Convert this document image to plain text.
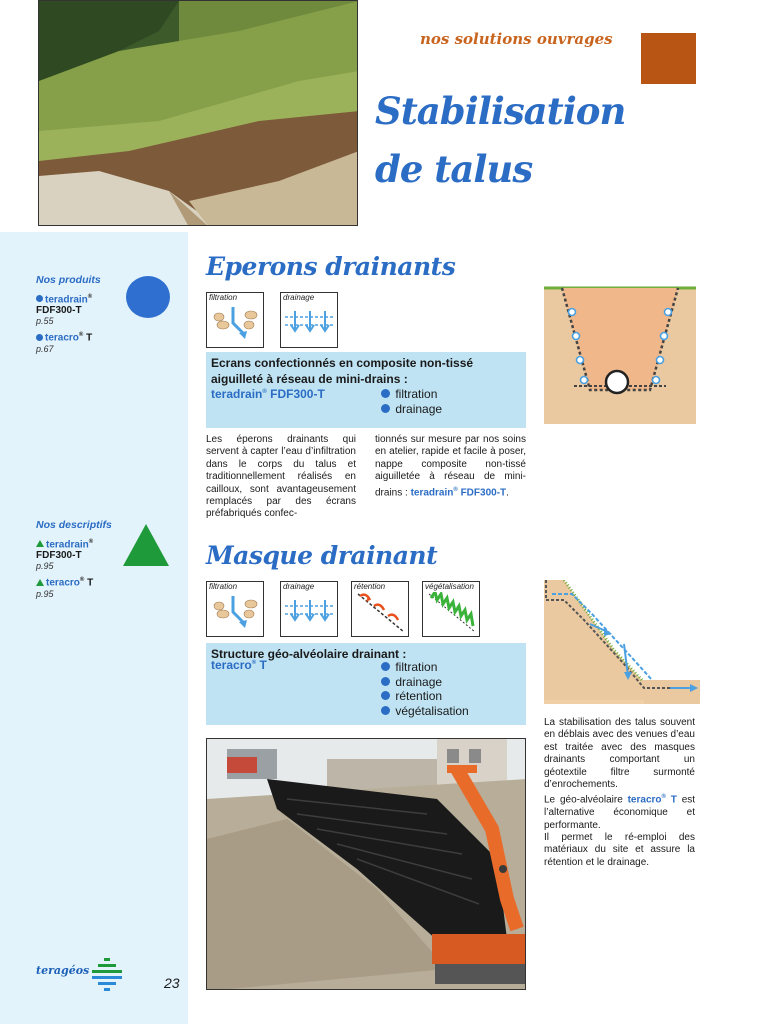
nos solutions ouvrages
Stabilisation
de talus
Nos produits
teradrain®
FDF300-T
p.55
teracro® T
p.67
Nos descriptifs
teradrain®
FDF300-T
p.95
teracro® T
p.95
teragéos
23
Eperons drainants
filtration	drainage
Ecrans confectionnés en composite non-tissé aiguilleté à réseau de mini-drains :
teradrain® FDF300-T	filtration
drainage
Les éperons drainants qui servent à capter l’eau d’infiltration dans le corps du talus et traditionnellement réalisés en cailloux, sont avantageusement remplacés par des écrans préfabriqués confec-
tionnés sur mesure par nos soins en atelier, rapide et facile à poser, nappe composite non-tissé aiguilletée à réseau de mini-drains : teradrain® FDF300-T.
Masque drainant
filtration	drainage	rétention	végétalisation
Structure géo-alvéolaire drainant :
teracro® T	filtration
drainage
rétention
végétalisation
La stabilisation des talus souvent en déblais avec des venues d’eau est traitée avec des masques drainants comportant un géotextile filtre surmonté d’enrochements.
Le géo-alvéolaire teracro® T est l’alternative économique et performante.
Il permet le ré-emploi des matériaux du site et assure la rétention et le drainage.
